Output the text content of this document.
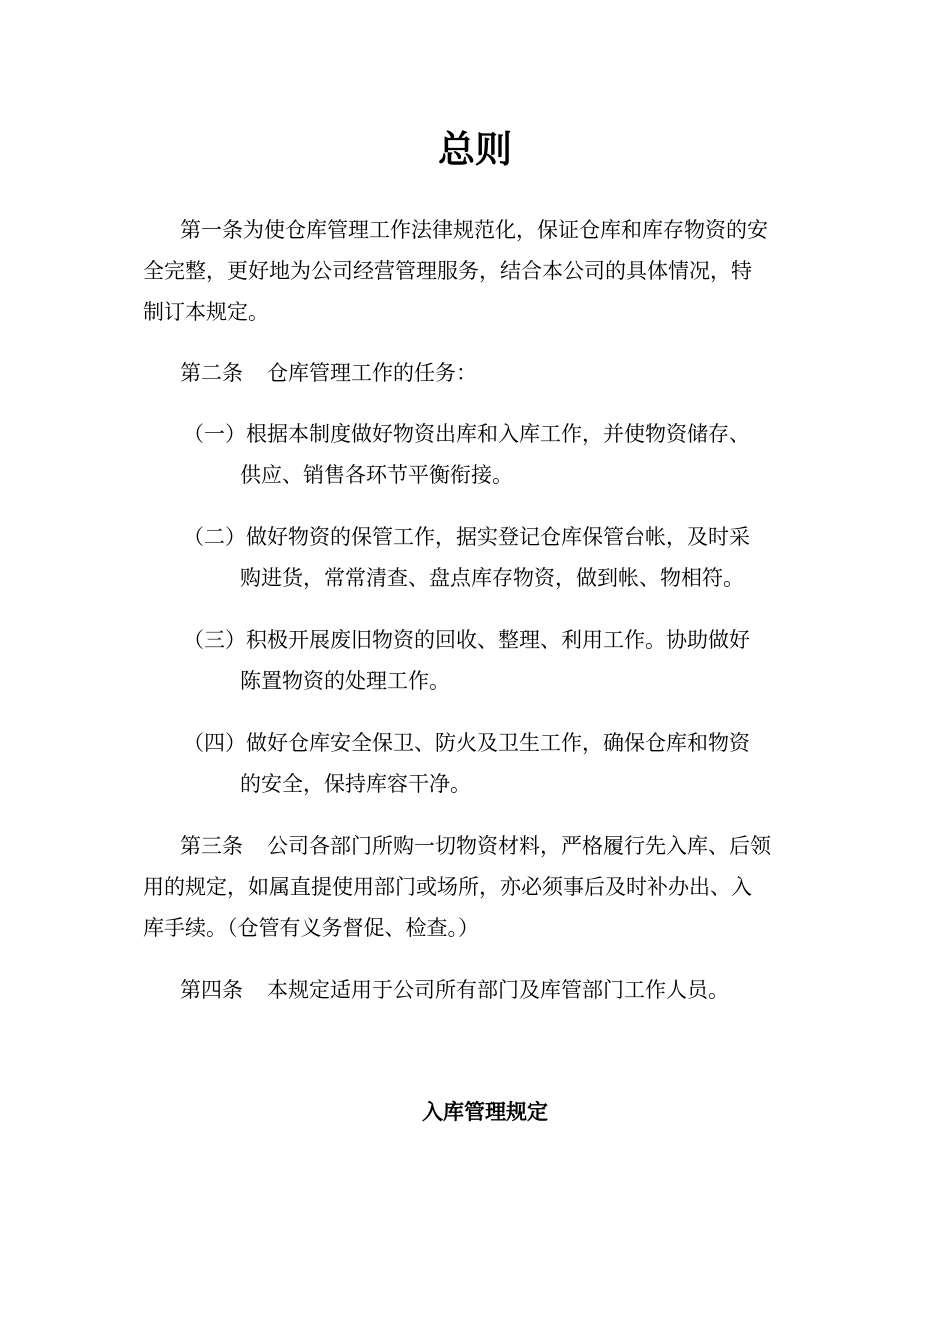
总则
第一条为使仓库管理工作法律规范化，保证仓库和库存物资的安
全完整，更好地为公司经营管理服务，结合本公司的具体情况，特
制订本规定。
第二条 仓库管理工作的任务：
（一）根据本制度做好物资出库和入库工作，并使物资储存、
供应、销售各环节平衡衔接。
（二）做好物资的保管工作，据实登记仓库保管台帐，及时采
购进货，常常清查、盘点库存物资，做到帐、物相符。
（三）积极开展废旧物资的回收、整理、利用工作。协助做好
陈置物资的处理工作。
（四）做好仓库安全保卫、防火及卫生工作，确保仓库和物资
的安全，保持库容干净。
第三条 公司各部门所购一切物资材料，严格履行先入库、后领
用的规定，如属直提使用部门或场所，亦必须事后及时补办出、入
库手续。（仓管有义务督促、检查。）
第四条 本规定适用于公司所有部门及库管部门工作人员。
入库管理规定
